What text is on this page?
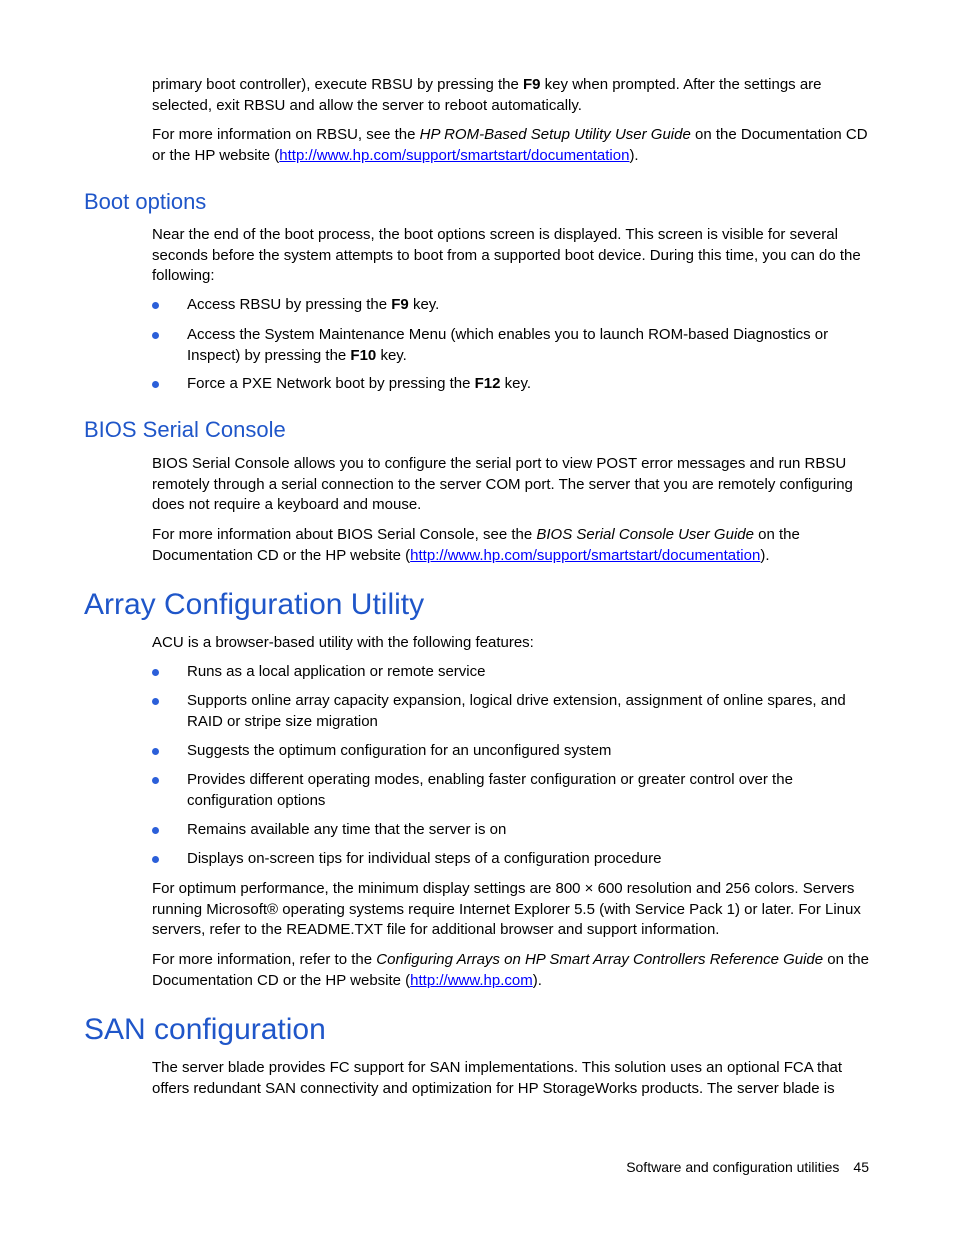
primary boot controller), execute RBSU by pressing the F9 key when prompted. After the settings are selected, exit RBSU and allow the server to reboot automatically.

For more information on RBSU, see the HP ROM-Based Setup Utility User Guide on the Documentation CD or the HP website (http://www.hp.com/support/smartstart/documentation).

Boot options

Near the end of the boot process, the boot options screen is displayed. This screen is visible for several seconds before the system attempts to boot from a supported boot device. During this time, you can do the following:

Access RBSU by pressing the F9 key.
Access the System Maintenance Menu (which enables you to launch ROM-based Diagnostics or Inspect) by pressing the F10 key.
Force a PXE Network boot by pressing the F12 key.
BIOS Serial Console

BIOS Serial Console allows you to configure the serial port to view POST error messages and run RBSU remotely through a serial connection to the server COM port. The server that you are remotely configuring does not require a keyboard and mouse.

For more information about BIOS Serial Console, see the BIOS Serial Console User Guide on the Documentation CD or the HP website (http://www.hp.com/support/smartstart/documentation).

Array Configuration Utility

ACU is a browser-based utility with the following features:

Runs as a local application or remote service
Supports online array capacity expansion, logical drive extension, assignment of online spares, and RAID or stripe size migration
Suggests the optimum configuration for an unconfigured system
Provides different operating modes, enabling faster configuration or greater control over the configuration options
Remains available any time that the server is on
Displays on-screen tips for individual steps of a configuration procedure

For optimum performance, the minimum display settings are 800 × 600 resolution and 256 colors. Servers running Microsoft® operating systems require Internet Explorer 5.5 (with Service Pack 1) or later. For Linux servers, refer to the README.TXT file for additional browser and support information.

For more information, refer to the Configuring Arrays on HP Smart Array Controllers Reference Guide on the Documentation CD or the HP website (http://www.hp.com).

SAN configuration

The server blade provides FC support for SAN implementations. This solution uses an optional FCA that offers redundant SAN connectivity and optimization for HP StorageWorks products. The server blade is

Software and configuration utilities 45
